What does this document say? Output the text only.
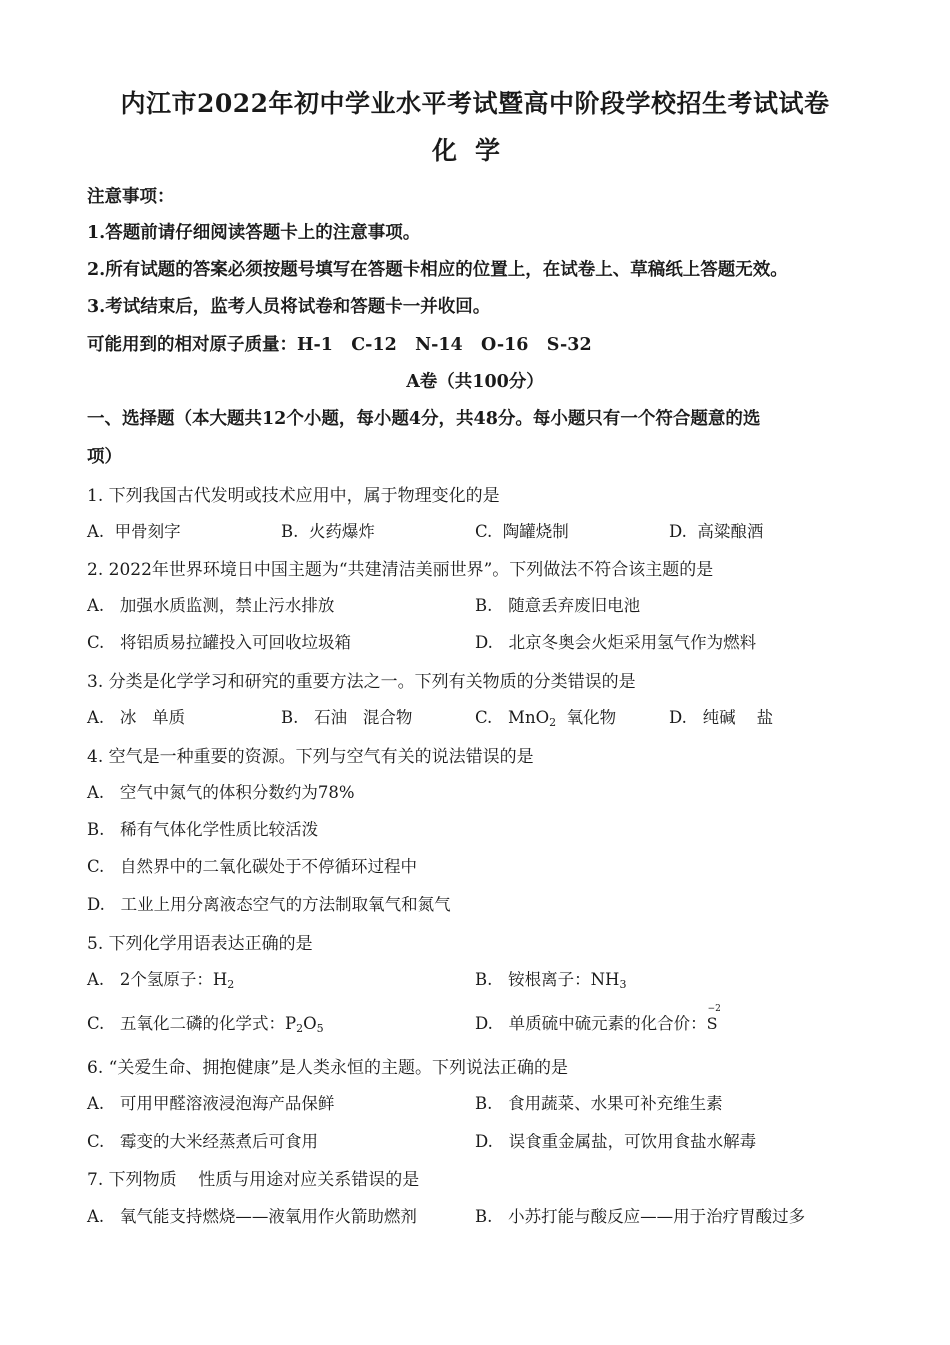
内江市2022年初中学业水平考试暨高中阶段学校招生考试试卷
化学
注意事项：
1.答题前请仔细阅读答题卡上的注意事项。
2.所有试题的答案必须按题号填写在答题卡相应的位置上，在试卷上、草稿纸上答题无效。
3.考试结束后，监考人员将试卷和答题卡一并收回。
可能用到的相对原子质量：H-1   C-12   N-14   O-16   S-32
A卷（共100分）
一、选择题（本大题共12个小题，每小题4分，共48分。每小题只有一个符合题意的选
项）
1. 下列我国古代发明或技术应用中，属于物理变化的是
A.  甲骨刻字	B.  火药爆炸	C.  陶罐烧制	D.  高粱酿酒
2. 2022年世界环境日中国主题为“共建清洁美丽世界”。下列做法不符合该主题的是
A.   加强水质监测，禁止污水排放	B.   随意丢弃废旧电池
C.   将铝质易拉罐投入可回收垃圾箱	D.   北京冬奥会火炬采用氢气作为燃料
3. 分类是化学学习和研究的重要方法之一。下列有关物质的分类错误的是
A.   冰   单质	B.   石油   混合物	C. MnO$_2$  氧化物	D.   纯碱    盐
4. 空气是一种重要的资源。下列与空气有关的说法错误的是
A.   空气中氮气的体积分数约为78%
B.   稀有气体化学性质比较活泼
C.   自然界中的二氧化碳处于不停循环过程中
D.   工业上用分离液态空气的方法制取氧气和氮气
5. 下列化学用语表达正确的是
A.   2个氢原子：$H_2$	B.   铵根离子：$NH_3$
C.   五氧化二磷的化学式：$P_2O_5$	D.   单质硫中硫元素的化合价：
−2
S
6. “关爱生命、拥抱健康”是人类永恒的主题。下列说法正确的是
A.   可用甲醛溶液浸泡海产品保鲜	B.   食用蔬菜、水果可补充维生素
C.   霉变的大米经蒸煮后可食用	D.   误食重金属盐，可饮用食盐水解毒
7. 下列物质    性质与用途对应关系错误的是
A.   氧气能支持燃烧——液氧用作火箭助燃剂	B.   小苏打能与酸反应——用于治疗胃酸过多
